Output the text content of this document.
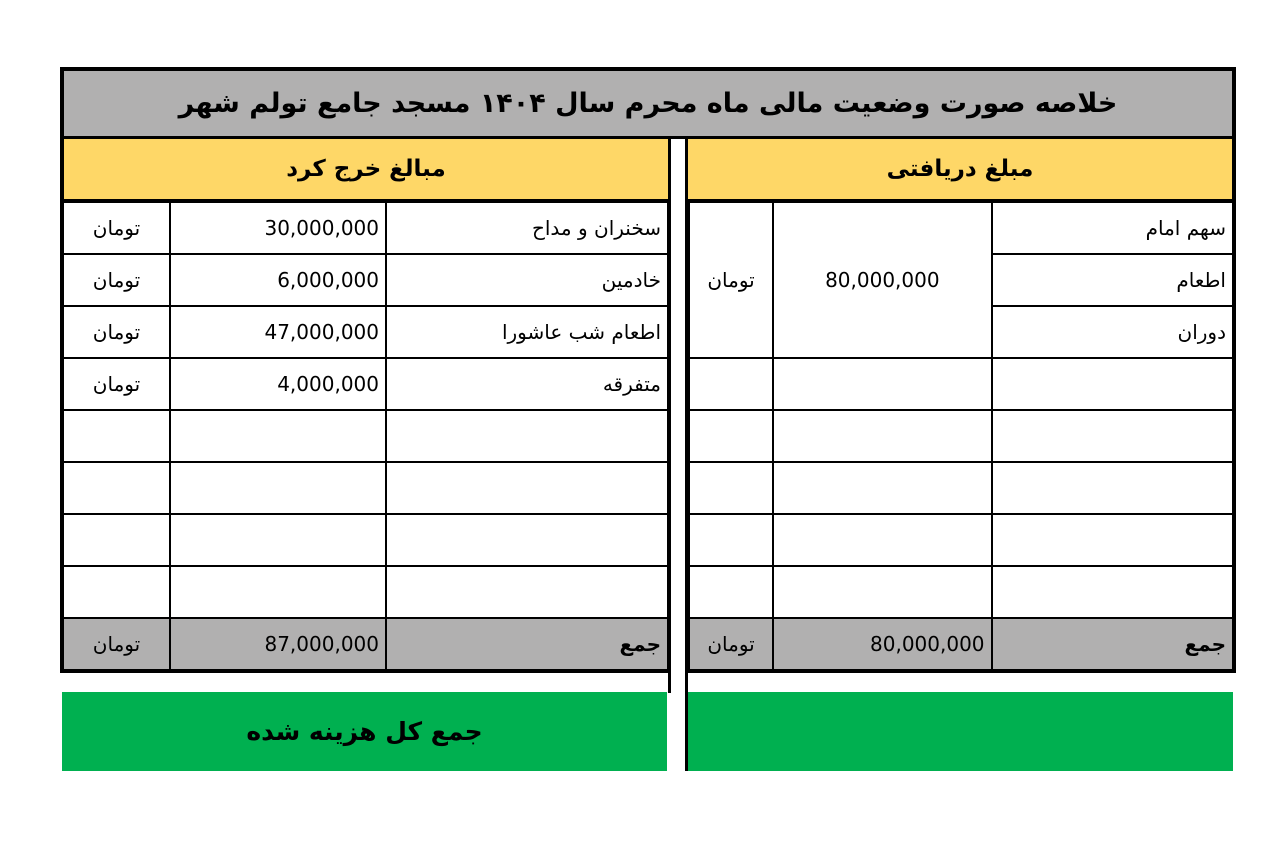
خلاصه صورت وضعیت مالی ماه محرم سال ۱۴۰۴ مسجد جامع تولم شهر
مبالغ خرج کرد	مبلغ دریافتی
تومان	30,000,000	سخنران و مداح
تومان	6,000,000	خادمین
تومان	47,000,000	اطعام شب عاشورا
تومان	4,000,000	متفرقه

تومان	87,000,000	جمع
تومان	80,000,000	سهم امام
		اطعام
		دوران

تومان	80,000,000	جمع
جمع کل هزینه شده
